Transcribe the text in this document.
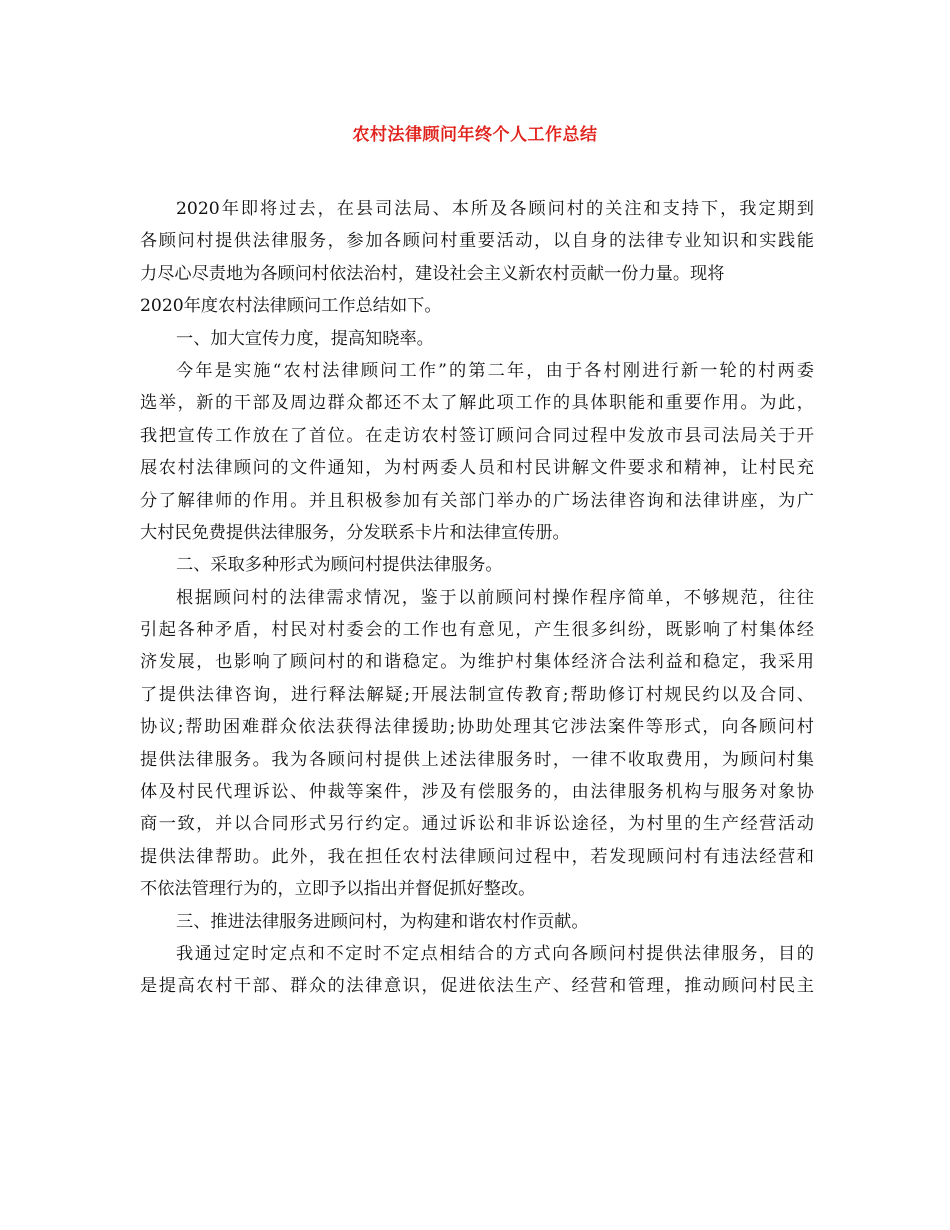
农村法律顾问年终个人工作总结
2020年即将过去，在县司法局、本所及各顾问村的关注和支持下，我定期到
各顾问村提供法律服务，参加各顾问村重要活动，以自身的法律专业知识和实践能
力尽心尽责地为各顾问村依法治村，建设社会主义新农村贡献一份力量。现将
2020年度农村法律顾问工作总结如下。
一、加大宣传力度，提高知晓率。
今年是实施“农村法律顾问工作”的第二年，由于各村刚进行新一轮的村两委
选举，新的干部及周边群众都还不太了解此项工作的具体职能和重要作用。为此，
我把宣传工作放在了首位。在走访农村签订顾问合同过程中发放市县司法局关于开
展农村法律顾问的文件通知，为村两委人员和村民讲解文件要求和精神，让村民充
分了解律师的作用。并且积极参加有关部门举办的广场法律咨询和法律讲座，为广
大村民免费提供法律服务，分发联系卡片和法律宣传册。
二、采取多种形式为顾问村提供法律服务。
根据顾问村的法律需求情况，鉴于以前顾问村操作程序简单，不够规范，往往
引起各种矛盾，村民对村委会的工作也有意见，产生很多纠纷，既影响了村集体经
济发展，也影响了顾问村的和谐稳定。为维护村集体经济合法利益和稳定，我采用
了提供法律咨询，进行释法解疑;开展法制宣传教育;帮助修订村规民约以及合同、
协议;帮助困难群众依法获得法律援助;协助处理其它涉法案件等形式，向各顾问村
提供法律服务。我为各顾问村提供上述法律服务时，一律不收取费用，为顾问村集
体及村民代理诉讼、仲裁等案件，涉及有偿服务的，由法律服务机构与服务对象协
商一致，并以合同形式另行约定。通过诉讼和非诉讼途径，为村里的生产经营活动
提供法律帮助。此外，我在担任农村法律顾问过程中，若发现顾问村有违法经营和
不依法管理行为的，立即予以指出并督促抓好整改。
三、推进法律服务进顾问村，为构建和谐农村作贡献。
我通过定时定点和不定时不定点相结合的方式向各顾问村提供法律服务，目的
是提高农村干部、群众的法律意识，促进依法生产、经营和管理，推动顾问村民主
